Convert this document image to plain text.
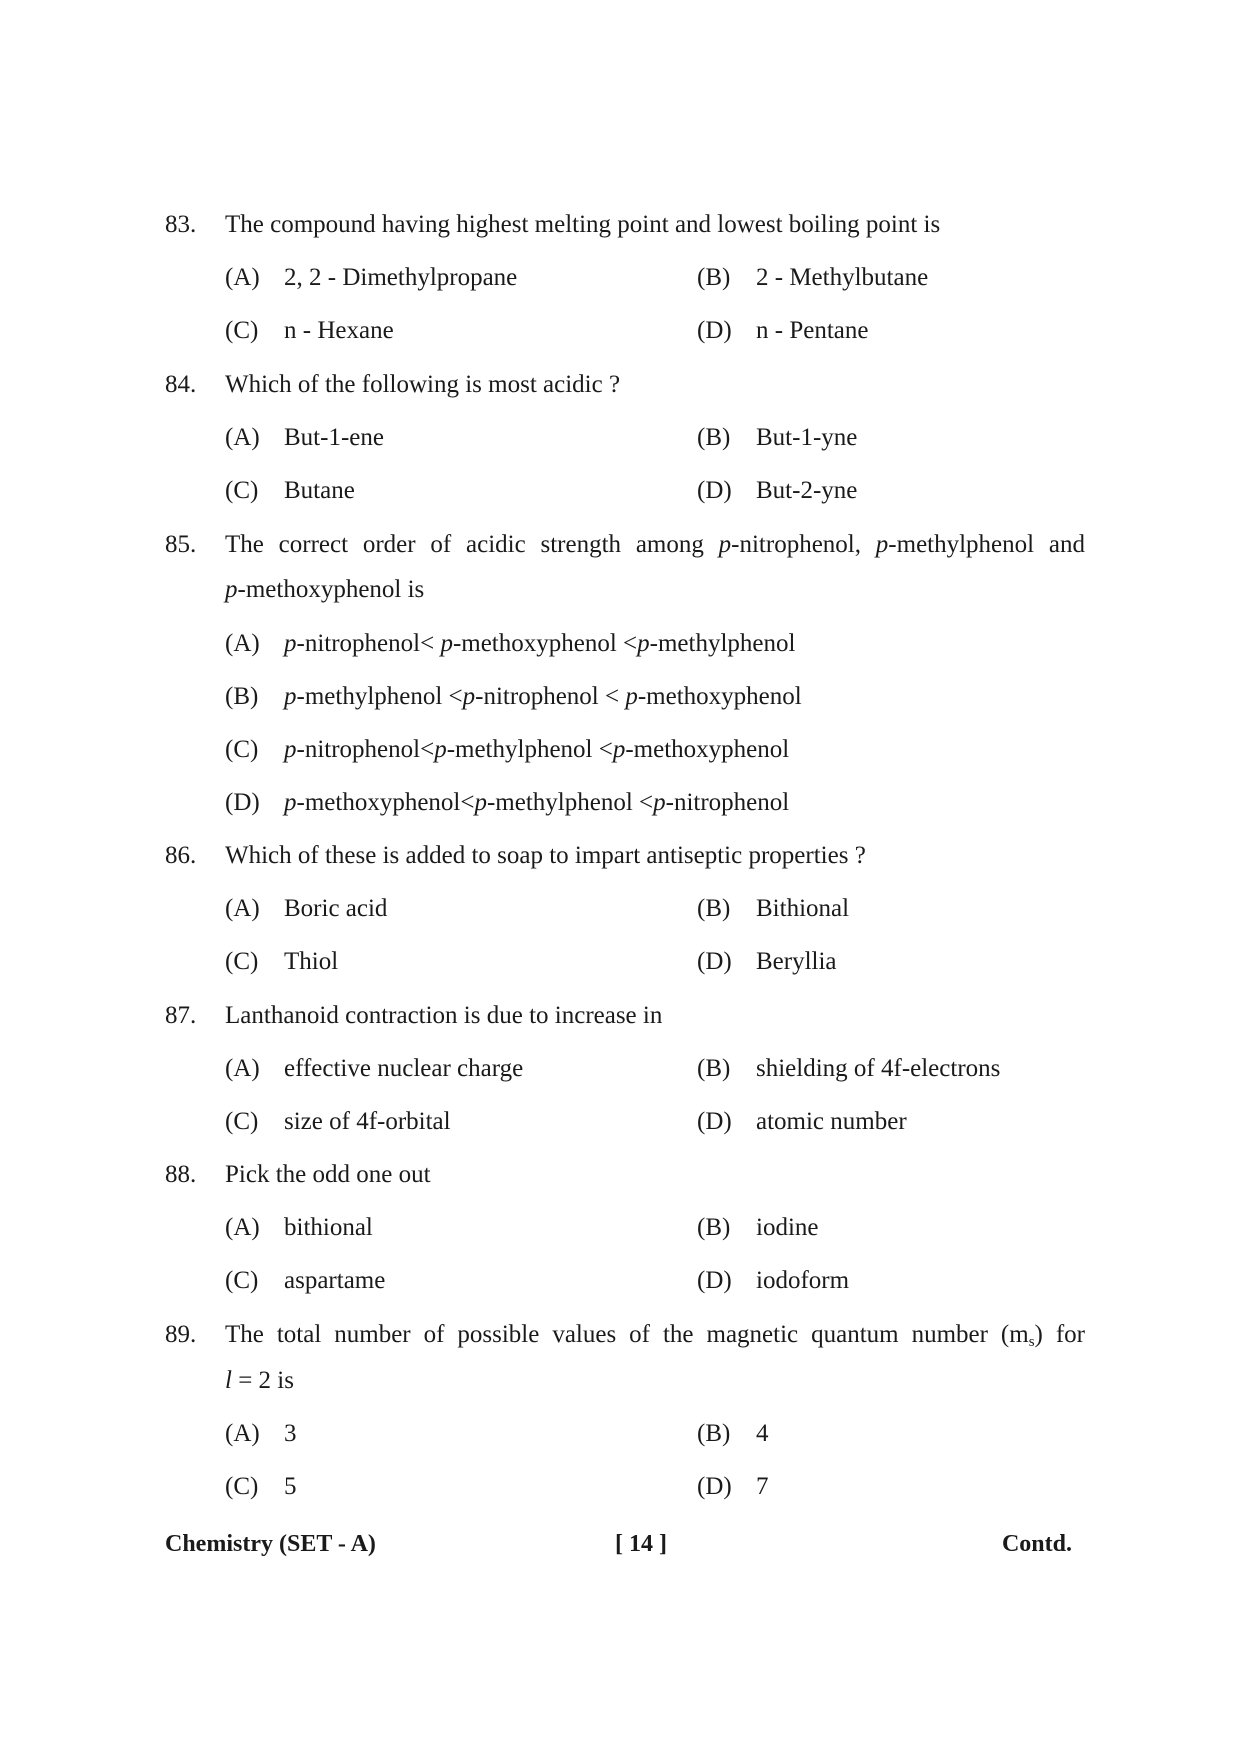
83. The compound having highest melting point and lowest boiling point is
(A) 2, 2 - Dimethylpropane	(B) 2 - Methylbutane
(C) n - Hexane	(D) n - Pentane
84. Which of the following is most acidic ?
(A) But-1-ene	(B) But-1-yne
(C) Butane	(D) But-2-yne
85. The correct order of acidic strength among p-nitrophenol, p-methylphenol and
p-methoxyphenol is
(A) p-nitrophenol< p-methoxyphenol <p-methylphenol
(B) p-methylphenol <p-nitrophenol < p-methoxyphenol
(C) p-nitrophenol<p-methylphenol <p-methoxyphenol
(D) p-methoxyphenol<p-methylphenol <p-nitrophenol
86. Which of these is added to soap to impart antiseptic properties ?
(A) Boric acid	(B) Bithional
(C) Thiol	(D) Beryllia
87. Lanthanoid contraction is due to increase in
(A) effective nuclear charge	(B) shielding of 4f-electrons
(C) size of 4f-orbital	(D) atomic number
88. Pick the odd one out
(A) bithional	(B) iodine
(C) aspartame	(D) iodoform
89. The total number of possible values of the magnetic quantum number $(m_s)$ for
l = 2 is
(A) 3	(B) 4
(C) 5	(D) 7
Chemistry (SET - A)	[ 14 ]	Contd.
